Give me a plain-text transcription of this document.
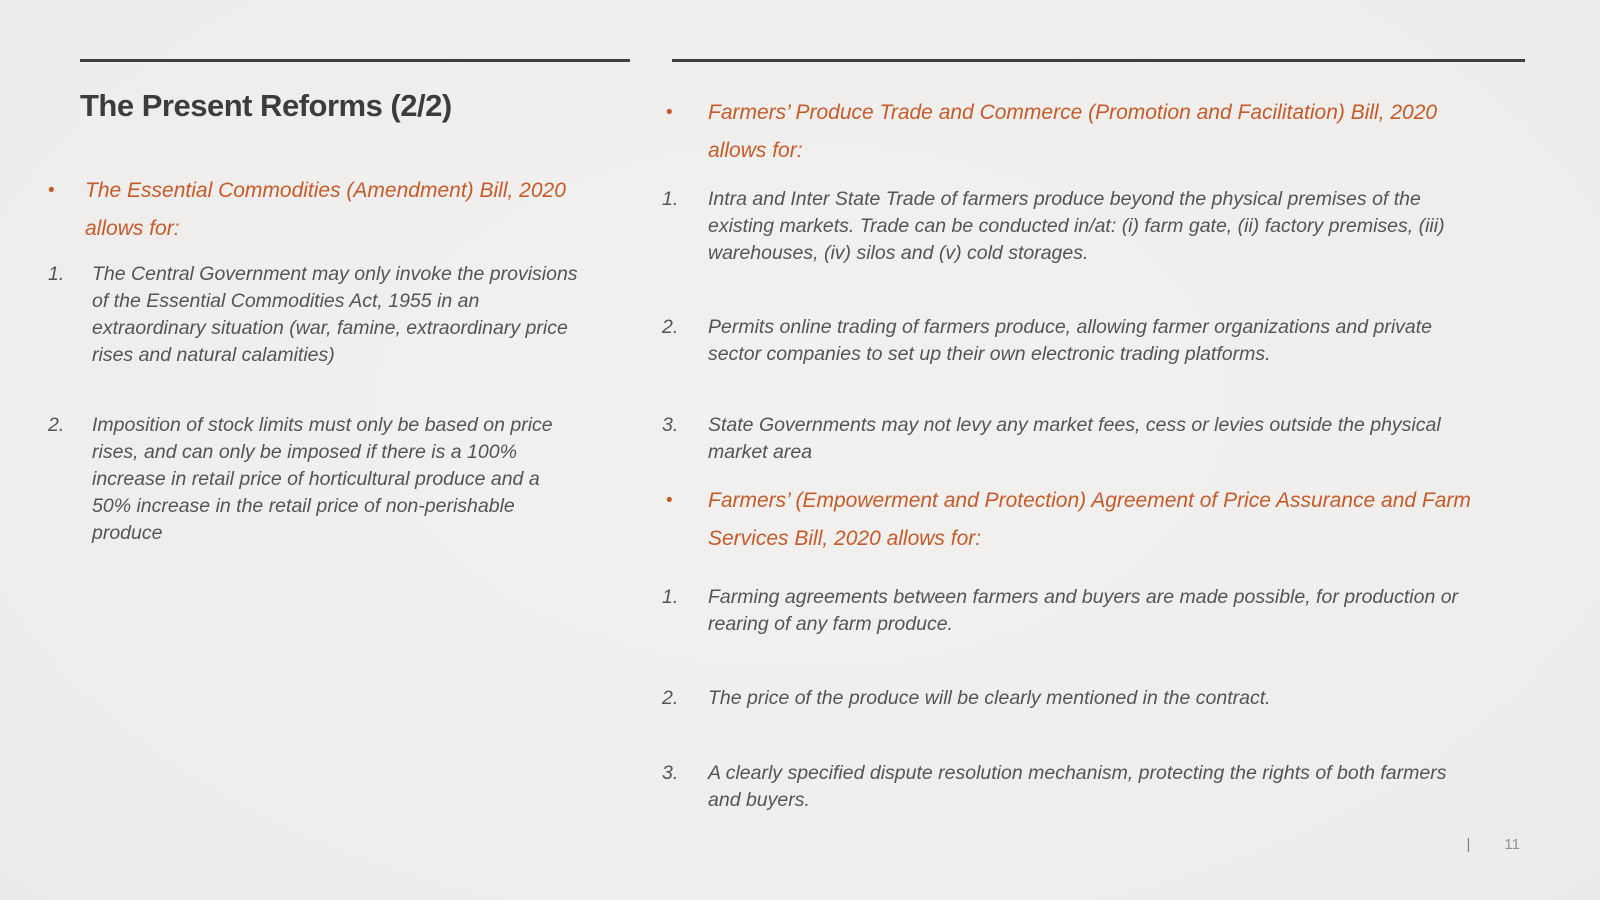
The Present Reforms (2/2)
•	The Essential Commodities (Amendment) Bill, 2020 allows for:
1.	The Central Government may only invoke the provisions of the Essential Commodities Act, 1955 in an extraordinary situation (war, famine, extraordinary price rises and natural calamities)
2.	Imposition of stock limits must only be based on price rises, and can only be imposed if there is a 100% increase in retail price of horticultural produce and a 50% increase in the retail price of non-perishable produce
•	Farmers’ Produce Trade and Commerce (Promotion and Facilitation) Bill, 2020 allows for:
1.	Intra and Inter State Trade of farmers produce beyond the physical premises of the existing markets. Trade can be conducted in/at: (i) farm gate, (ii) factory premises, (iii) warehouses, (iv) silos and (v) cold storages.
2.	Permits online trading of farmers produce, allowing farmer organizations and private sector companies to set up their own electronic trading platforms.
3.	State Governments may not levy any market fees, cess or levies outside the physical market area
•	Farmers’ (Empowerment and Protection) Agreement of Price Assurance and Farm Services Bill, 2020 allows for:
1.	Farming agreements between farmers and buyers are made possible, for production or rearing of any farm produce.
2.	The price of the produce will be clearly mentioned in the contract.
3.	A clearly specified dispute resolution mechanism, protecting the rights of both farmers and buyers.
| 11
